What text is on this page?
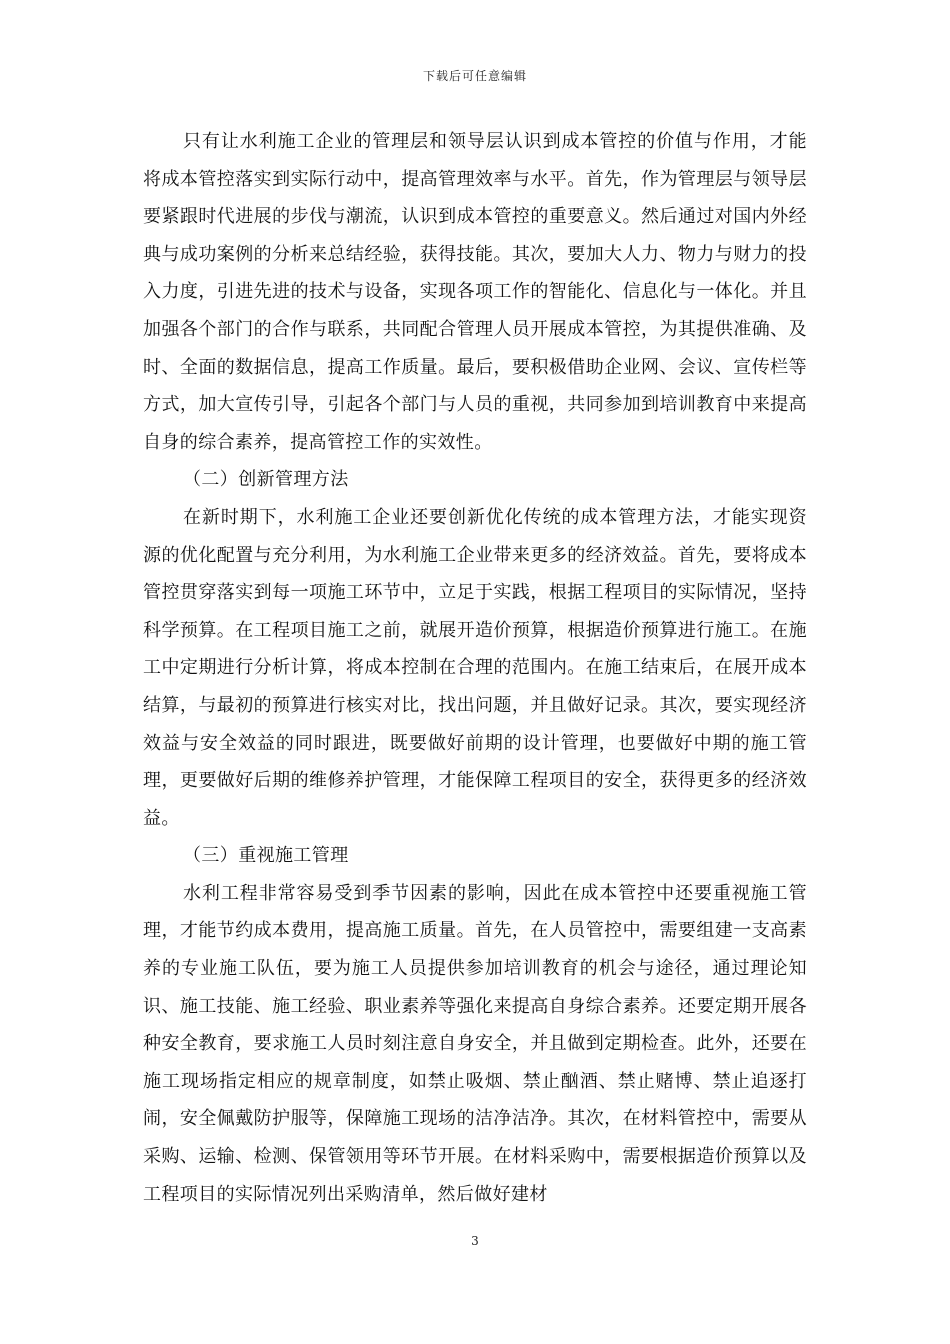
下载后可任意编辑

只有让水利施工企业的管理层和领导层认识到成本管控的价值与作用，才能将成本管控落实到实际行动中，提高管理效率与水平。首先，作为管理层与领导层要紧跟时代进展的步伐与潮流，认识到成本管控的重要意义。然后通过对国内外经典与成功案例的分析来总结经验，获得技能。其次，要加大人力、物力与财力的投入力度，引进先进的技术与设备，实现各项工作的智能化、信息化与一体化。并且加强各个部门的合作与联系，共同配合管理人员开展成本管控，为其提供准确、及时、全面的数据信息，提高工作质量。最后，要积极借助企业网、会议、宣传栏等方式，加大宣传引导，引起各个部门与人员的重视，共同参加到培训教育中来提高自身的综合素养，提高管控工作的实效性。

（二）创新管理方法

在新时期下，水利施工企业还要创新优化传统的成本管理方法，才能实现资源的优化配置与充分利用，为水利施工企业带来更多的经济效益。首先，要将成本管控贯穿落实到每一项施工环节中，立足于实践，根据工程项目的实际情况，坚持科学预算。在工程项目施工之前，就展开造价预算，根据造价预算进行施工。在施工中定期进行分析计算，将成本控制在合理的范围内。在施工结束后，在展开成本结算，与最初的预算进行核实对比，找出问题，并且做好记录。其次，要实现经济效益与安全效益的同时跟进，既要做好前期的设计管理，也要做好中期的施工管理，更要做好后期的维修养护管理，才能保障工程项目的安全，获得更多的经济效益。

（三）重视施工管理

水利工程非常容易受到季节因素的影响，因此在成本管控中还要重视施工管理，才能节约成本费用，提高施工质量。首先，在人员管控中，需要组建一支高素养的专业施工队伍，要为施工人员提供参加培训教育的机会与途径，通过理论知识、施工技能、施工经验、职业素养等强化来提高自身综合素养。还要定期开展各种安全教育，要求施工人员时刻注意自身安全，并且做到定期检查。此外，还要在施工现场指定相应的规章制度，如禁止吸烟、禁止酗酒、禁止赌博、禁止追逐打闹，安全佩戴防护服等，保障施工现场的洁净洁净。其次，在材料管控中，需要从采购、运输、检测、保管领用等环节开展。在材料采购中，需要根据造价预算以及工程项目的实际情况列出采购清单，然后做好建材

3
